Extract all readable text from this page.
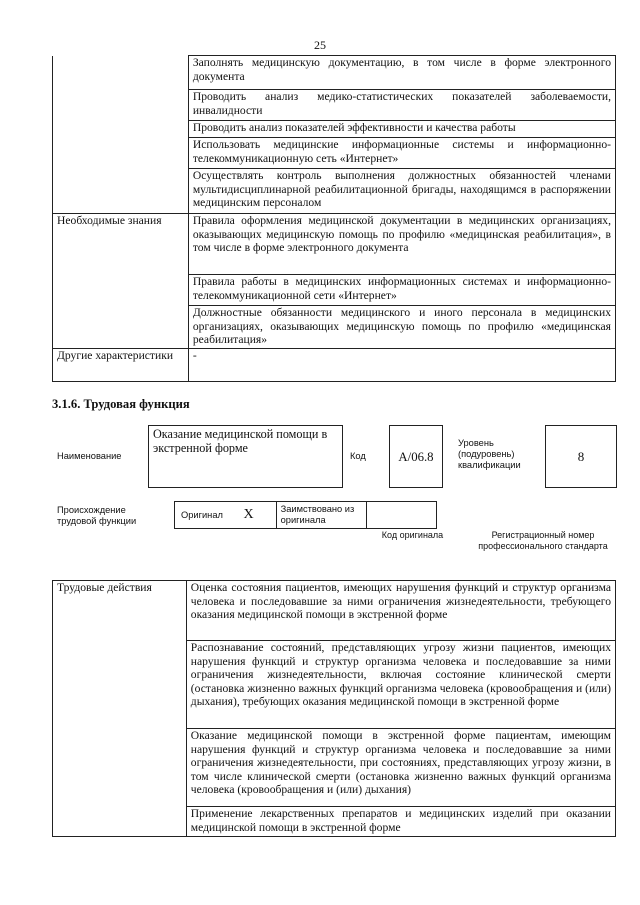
25
	Заполнять медицинскую документацию, в том числе в форме электронного документа
	Проводить анализ медико-статистических показателей заболеваемости, инвалидности
	Проводить анализ показателей эффективности и качества работы
	Использовать медицинские информационные системы и информационно-телекоммуникационную сеть «Интернет»
	Осуществлять контроль выполнения должностных обязанностей членами мультидисциплинарной реабилитационной бригады, находящимся в распоряжении медицинским персоналом
Необходимые знания	Правила оформления медицинской документации в медицинских организациях, оказывающих медицинскую помощь по профилю «медицинская реабилитация», в том числе в форме электронного документа
	Правила работы в медицинских информационных системах и информационно-телекоммуникационной сети «Интернет»
	Должностные обязанности медицинского и иного персонала в медицинских организациях, оказывающих медицинскую помощь по профилю «медицинская реабилитация»
Другие характеристики	-
3.1.6. Трудовая функция
Наименование
Оказание медицинской помощи в экстренной форме
Код	A/06.8
Уровень (подуровень) квалификации
8
Происхождение трудовой функции
Оригинал X	Заимствовано из оригинала

Код оригинала	Регистрационный номер профессионального стандарта
Трудовые действия	Оценка состояния пациентов, имеющих нарушения функций и структур организма человека и последовавшие за ними ограничения жизнедеятельности, требующего оказания медицинской помощи в экстренной форме
Распознавание состояний, представляющих угрозу жизни пациентов, имеющих нарушения функций и структур организма человека и последовавшие за ними ограничения жизнедеятельности, включая состояние клинической смерти (остановка жизненно важных функций организма человека (кровообращения и (или) дыхания), требующих оказания медицинской помощи в экстренной форме
Оказание медицинской помощи в экстренной форме пациентам, имеющим нарушения функций и структур организма человека и последовавшие за ними ограничения жизнедеятельности, при состояниях, представляющих угрозу жизни, в том числе клинической смерти (остановка жизненно важных функций организма человека (кровообращения и (или) дыхания)
Применение лекарственных препаратов и медицинских изделий при оказании медицинской помощи в экстренной форме
